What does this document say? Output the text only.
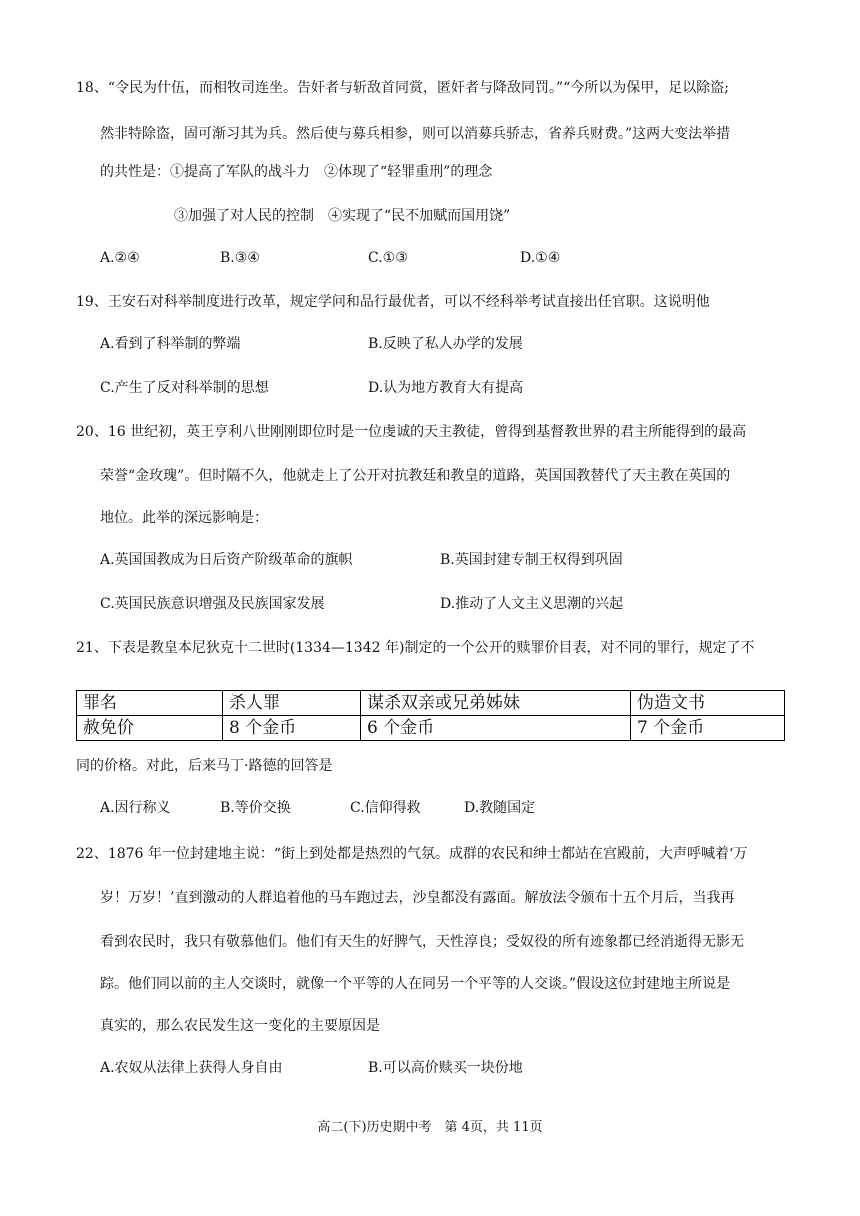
18、“令民为什伍，而相牧司连坐。告奸者与斩敌首同赏，匿奸者与降敌同罚。”“今所以为保甲，足以除盗;
然非特除盗，固可渐习其为兵。然后使与募兵相参，则可以消募兵骄志，省养兵财费。”这两大变法举措
的共性是：①提高了军队的战斗力　②体现了“轻罪重刑”的理念
③加强了对人民的控制　④实现了“民不加赋而国用饶”
A.②④	B.③④	C.①③	D.①④
19、王安石对科举制度进行改革，规定学问和品行最优者，可以不经科举考试直接出任官职。这说明他
A.看到了科举制的弊端	B.反映了私人办学的发展
C.产生了反对科举制的思想	D.认为地方教育大有提高
20、16 世纪初，英王亨利八世刚刚即位时是一位虔诚的天主教徒，曾得到基督教世界的君主所能得到的最高
荣誉“金玫瑰”。但时隔不久，他就走上了公开对抗教廷和教皇的道路，英国国教替代了天主教在英国的
地位。此举的深远影响是：
A.英国国教成为日后资产阶级革命的旗帜	B.英国封建专制王权得到巩固
C.英国民族意识增强及民族国家发展	D.推动了人文主义思潮的兴起
21、下表是教皇本尼狄克十二世时(1334—1342 年)制定的一个公开的赎罪价目表，对不同的罪行，规定了不
罪名	杀人罪	谋杀双亲或兄弟姊妹	伪造文书
赦免价	8 个金币	6 个金币	7 个金币
同的价格。对此，后来马丁·路德的回答是
A.因行称义	B.等价交换	C.信仰得救	D.教随国定
22、1876 年一位封建地主说：“街上到处都是热烈的气氛。成群的农民和绅士都站在宫殿前，大声呼喊着‘万
岁！万岁！’直到激动的人群追着他的马车跑过去，沙皇都没有露面。解放法令颁布十五个月后，当我再
看到农民时，我只有敬慕他们。他们有天生的好脾气，天性淳良；受奴役的所有迹象都已经消逝得无影无
踪。他们同以前的主人交谈时，就像一个平等的人在同另一个平等的人交谈。”假设这位封建地主所说是
真实的，那么农民发生这一变化的主要原因是
A.农奴从法律上获得人身自由	B.可以高价赎买一块份地
高二(下)历史期中考　第 4页，共 11页
